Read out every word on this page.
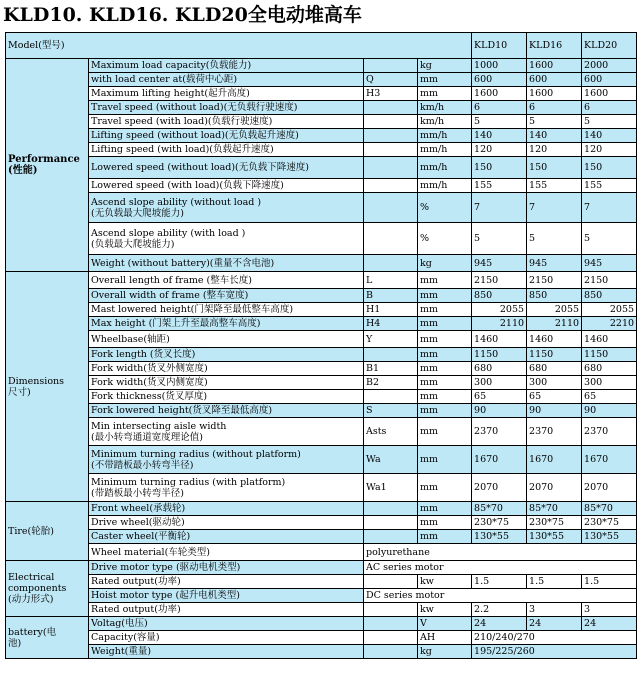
KLD10. KLD16. KLD20全电动堆高车
Model(型号)				KLD10	KLD16	KLD20
Performance
(性能)	Maximum load capacity(负载能力)		kg	1000	1600	2000
	with load center at(载荷中心距)	Q	mm	600	600	600
	Maximum lifting height(起升高度)	H3	mm	1600	1600	1600
	Travel speed (without load)(无负载行驶速度)		km/h	6	6	6
	Travel speed (with load)(负载行驶速度)		km/h	5	5	5
	Lifting speed (without load)(无负载起升速度)		mm/h	140	140	140
	Lifting speed (with load)(负载起升速度)		mm/h	120	120	120
	Lowered speed (without load)(无负载下降速度)		mm/h	150	150	150
	Lowered speed (with load)(负载下降速度)		mm/h	155	155	155
	Ascend slope ability (without load )
(无负载最大爬坡能力)		%	7	7	7
	Ascend slope ability (with load )
(负载最大爬坡能力)		%	5	5	5
	Weight (without battery)(重量不含电池)		kg	945	945	945
Dimensions
尺寸)	Overall length of frame (整车长度)	L	mm	2150	2150	2150
	Overall width of frame (整车宽度)	B	mm	850	850	850
	Mast lowered height(门架降至最低整车高度)	H1	mm	2055	2055	2055
	Max height (门架上升至最高整车高度)	H4	mm	2110	2110	2210
	Wheelbase(轴距)	Y	mm	1460	1460	1460
	Fork length (货叉长度)		mm	1150	1150	1150
	Fork width(货叉外侧宽度)	B1	mm	680	680	680
	Fork width(货叉内侧宽度)	B2	mm	300	300	300
	Fork thickness(货叉厚度)		mm	65	65	65
	Fork lowered height(货叉降至最低高度)	S	mm	90	90	90
	Min intersecting aisle width
(最小转弯通道宽度理论值)	Asts	mm	2370	2370	2370
	Minimum turning radius (without platform)
(不带踏板最小转弯半径)	Wa	mm	1670	1670	1670
	Minimum turning radius (with platform)
(带踏板最小转弯半径)	Wa1	mm	2070	2070	2070
Tire(轮胎)	Front wheel(承载轮)		mm	85*70	85*70	85*70
	Drive wheel(驱动轮)		mm	230*75	230*75	230*75
	Caster wheel(平衡轮)		mm	130*55	130*55	130*55
	Wheel material(车轮类型)	polyurethane				
Electrical
components
(动力形式)	Drive motor type (驱动电机类型)	AC series motor				
	Rated output(功率)		kw	1.5	1.5	1.5
	Hoist motor type (起升电机类型)	DC series motor				
	Rated output(功率)		kw	2.2	3	3
battery(电
池)	Voltag(电压)		V	24	24	24
	Capacity(容量)		AH	210/240/270		
	Weight(重量)		kg	195/225/260		
